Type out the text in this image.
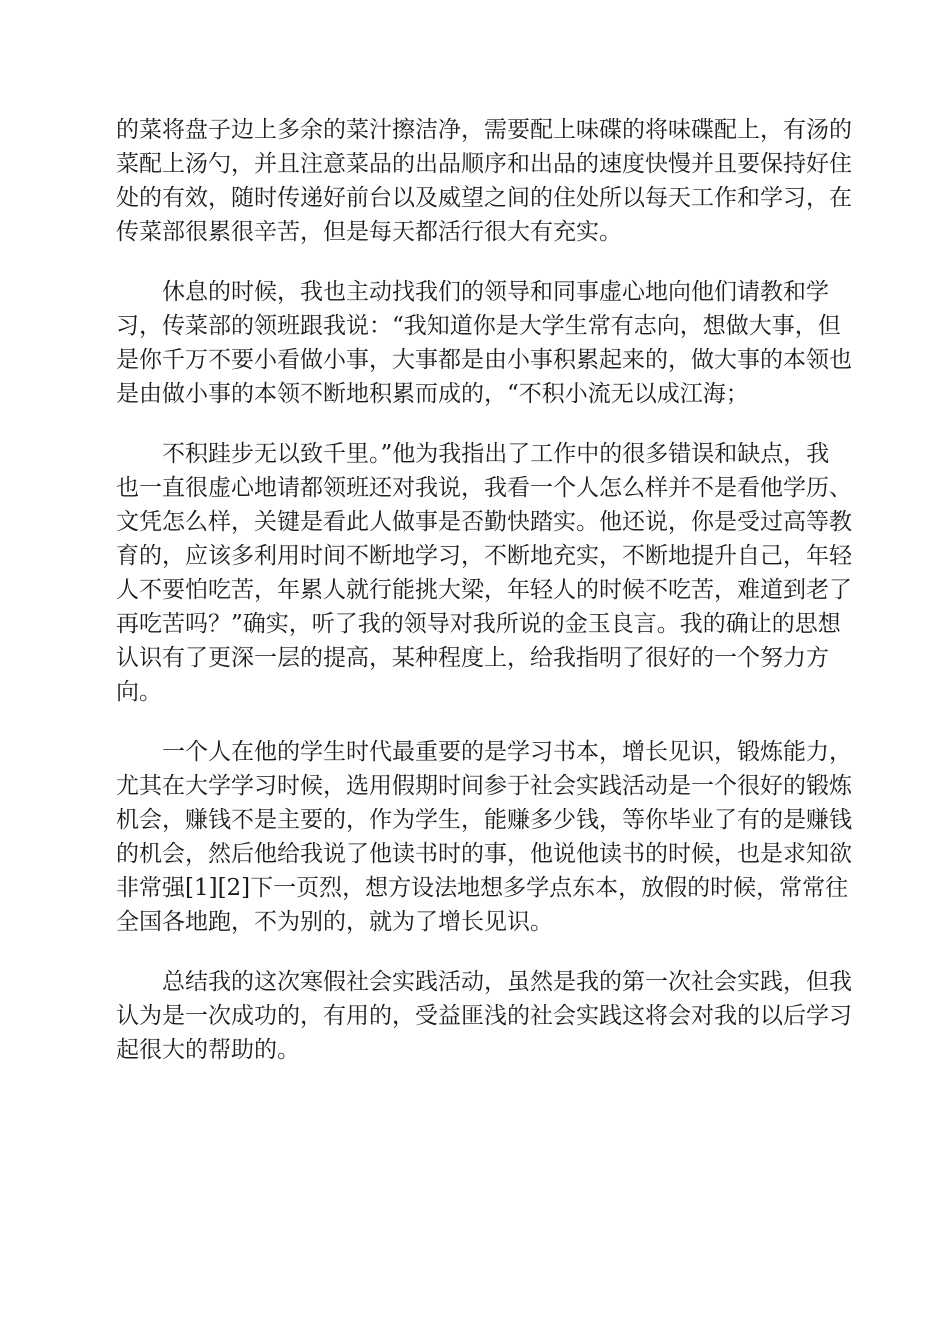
的菜将盘子边上多余的菜汁擦洁净，需要配上味碟的将味碟配上，有汤的
菜配上汤勺，并且注意菜品的出品顺序和出品的速度快慢并且要保持好住
处的有效，随时传递好前台以及威望之间的住处所以每天工作和学习，在
传菜部很累很辛苦，但是每天都活行很大有充实。
　　休息的时候，我也主动找我们的领导和同事虚心地向他们请教和学
习，传菜部的领班跟我说：“我知道你是大学生常有志向，想做大事，但
是你千万不要小看做小事，大事都是由小事积累起来的，做大事的本领也
是由做小事的本领不断地积累而成的，“不积小流无以成江海；
　　不积跬步无以致千里。”他为我指出了工作中的很多错误和缺点，我
也一直很虚心地请都领班还对我说，我看一个人怎么样并不是看他学历、
文凭怎么样，关键是看此人做事是否勤快踏实。他还说，你是受过高等教
育的，应该多利用时间不断地学习，不断地充实，不断地提升自己，年轻
人不要怕吃苦，年累人就行能挑大梁，年轻人的时候不吃苦，难道到老了
再吃苦吗？”确实，听了我的领导对我所说的金玉良言。我的确让的思想
认识有了更深一层的提高，某种程度上，给我指明了很好的一个努力方
向。
　　一个人在他的学生时代最重要的是学习书本，增长见识，锻炼能力，
尤其在大学学习时候，选用假期时间参于社会实践活动是一个很好的锻炼
机会，赚钱不是主要的，作为学生，能赚多少钱，等你毕业了有的是赚钱
的机会，然后他给我说了他读书时的事，他说他读书的时候，也是求知欲
非常强[1][2]下一页烈，想方设法地想多学点东本，放假的时候，常常往
全国各地跑，不为别的，就为了增长见识。
　　总结我的这次寒假社会实践活动，虽然是我的第一次社会实践，但我
认为是一次成功的，有用的，受益匪浅的社会实践这将会对我的以后学习
起很大的帮助的。
